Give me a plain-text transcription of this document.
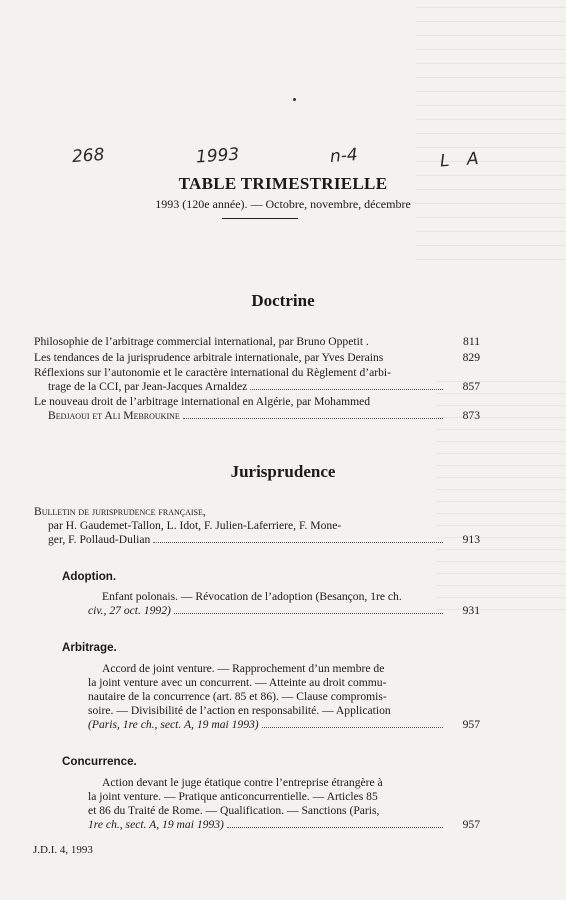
268	1993	n-4	L A
TABLE TRIMESTRIELLE
1993 (120e année). — Octobre, novembre, décembre
Doctrine
Philosophie de l’arbitrage commercial international, par Bruno Oppetit .	811
Les tendances de la jurisprudence arbitrale internationale, par Yves Derains	829
Réflexions sur l’autonomie et le caractère international du Règlement d’arbi-
trage de la CCI, par Jean-Jacques Arnaldez	857
Le nouveau droit de l’arbitrage international en Algérie, par Mohammed
Bedjaoui et Ali Mebroukine	873
Jurisprudence
Bulletin de jurisprudence française,
par H. Gaudemet-Tallon, L. Idot, F. Julien-Laferriere, F. Mone-
ger, F. Pollaud-Dulian	913
Adoption.
Enfant polonais. — Révocation de l’adoption (Besançon, 1re ch.
civ., 27 oct. 1992)	931
Arbitrage.
Accord de joint venture. — Rapprochement d’un membre de
la joint venture avec un concurrent. — Atteinte au droit commu-
nautaire de la concurrence (art. 85 et 86). — Clause compromis-
soire. — Divisibilité de l’action en responsabilité. — Application
(Paris, 1re ch., sect. A, 19 mai 1993)	957
Concurrence.
Action devant le juge étatique contre l’entreprise étrangère à
la joint venture. — Pratique anticoncurrentielle. — Articles 85
et 86 du Traité de Rome. — Qualification. — Sanctions (Paris,
1re ch., sect. A, 19 mai 1993)	957
J.D.I. 4, 1993
